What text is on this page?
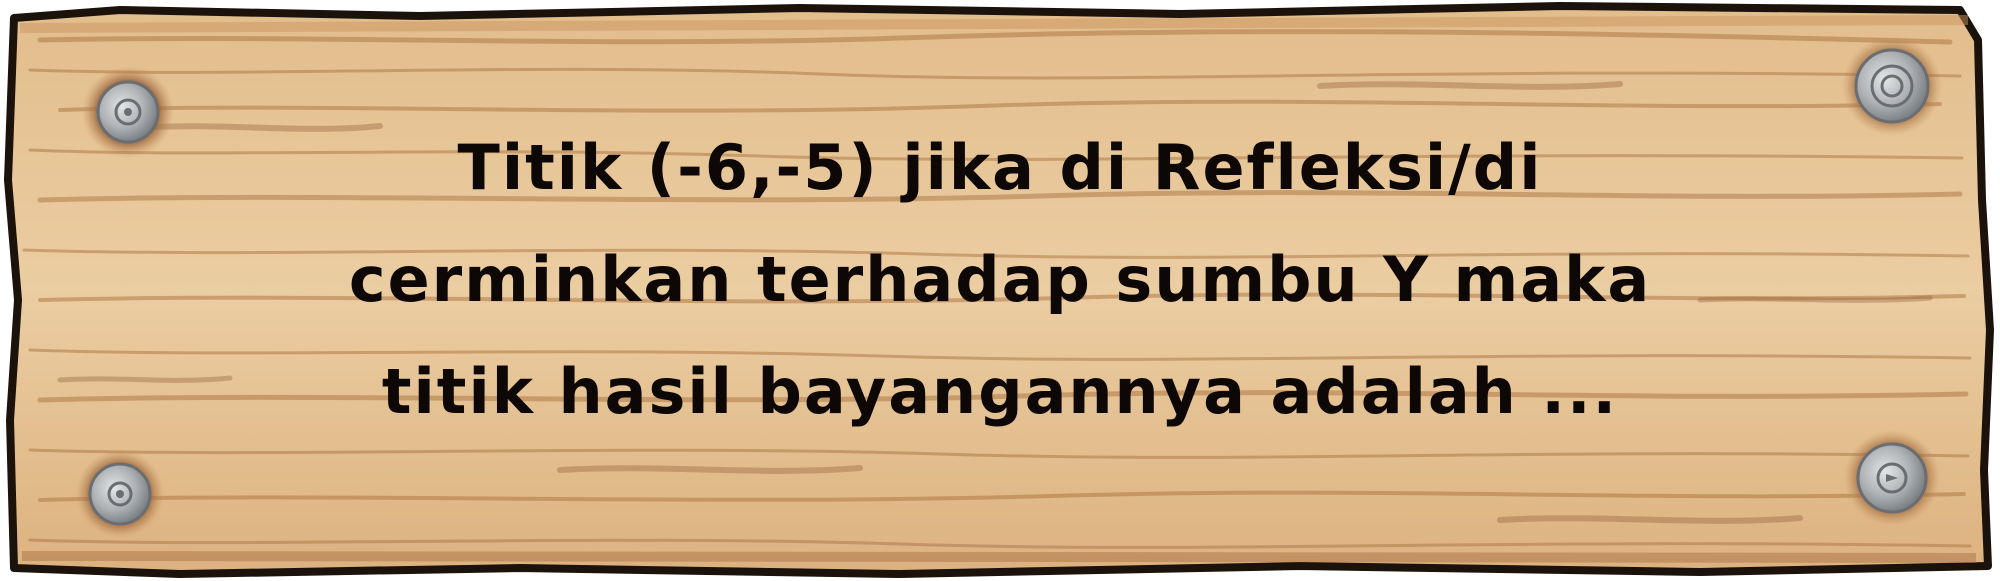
Titik (-6,-5) jika di Refleksi/di
cerminkan terhadap sumbu Y maka
titik hasil bayangannya adalah ...
